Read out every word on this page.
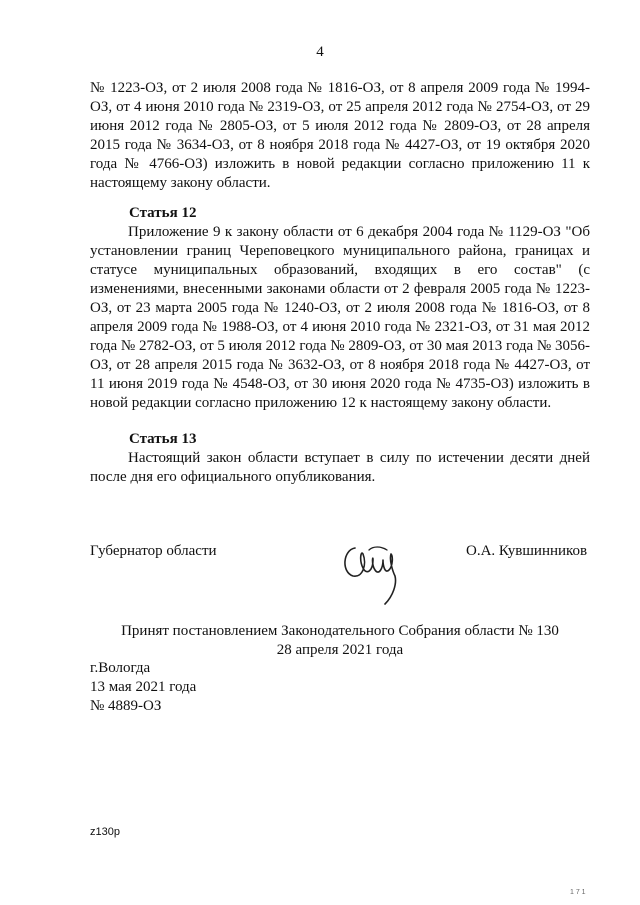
4

№ 1223-ОЗ, от 2 июля 2008 года № 1816-ОЗ, от 8 апреля 2009 года № 1994-ОЗ, от 4 июня 2010 года № 2319-ОЗ, от 25 апреля 2012 года № 2754-ОЗ, от 29 июня 2012 года № 2805-ОЗ, от 5 июля 2012 года № 2809-ОЗ, от 28 апреля 2015 года № 3634-ОЗ, от 8 ноября 2018 года № 4427-ОЗ, от 19 октября 2020 года № 4766-ОЗ) изложить в новой редакции согласно приложению 11 к настоящему закону области.

Статья 12

Приложение 9 к закону области от 6 декабря 2004 года № 1129-ОЗ "Об установлении границ Череповецкого муниципального района, границах и статусе муниципальных образований, входящих в его состав" (с изменениями, внесенными законами области от 2 февраля 2005 года № 1223-ОЗ, от 23 марта 2005 года № 1240-ОЗ, от 2 июля 2008 года № 1816-ОЗ, от 8 апреля 2009 года № 1988-ОЗ, от 4 июня 2010 года № 2321-ОЗ, от 31 мая 2012 года № 2782-ОЗ, от 5 июля 2012 года № 2809-ОЗ, от 30 мая 2013 года № 3056-ОЗ, от 28 апреля 2015 года № 3632-ОЗ, от 8 ноября 2018 года № 4427-ОЗ, от 11 июня 2019 года № 4548-ОЗ, от 30 июня 2020 года № 4735-ОЗ) изложить в новой редакции согласно приложению 12 к настоящему закону области.

Статья 13

Настоящий закон области вступает в силу по истечении десяти дней после дня его официального опубликования.

Губернатор области	О.А. Кувшинников
Принят постановлением Законодательного Собрания области № 130
28 апреля 2021 года
г.Вологда
13 мая 2021 года
№ 4889-ОЗ
z130p
1 7 1
